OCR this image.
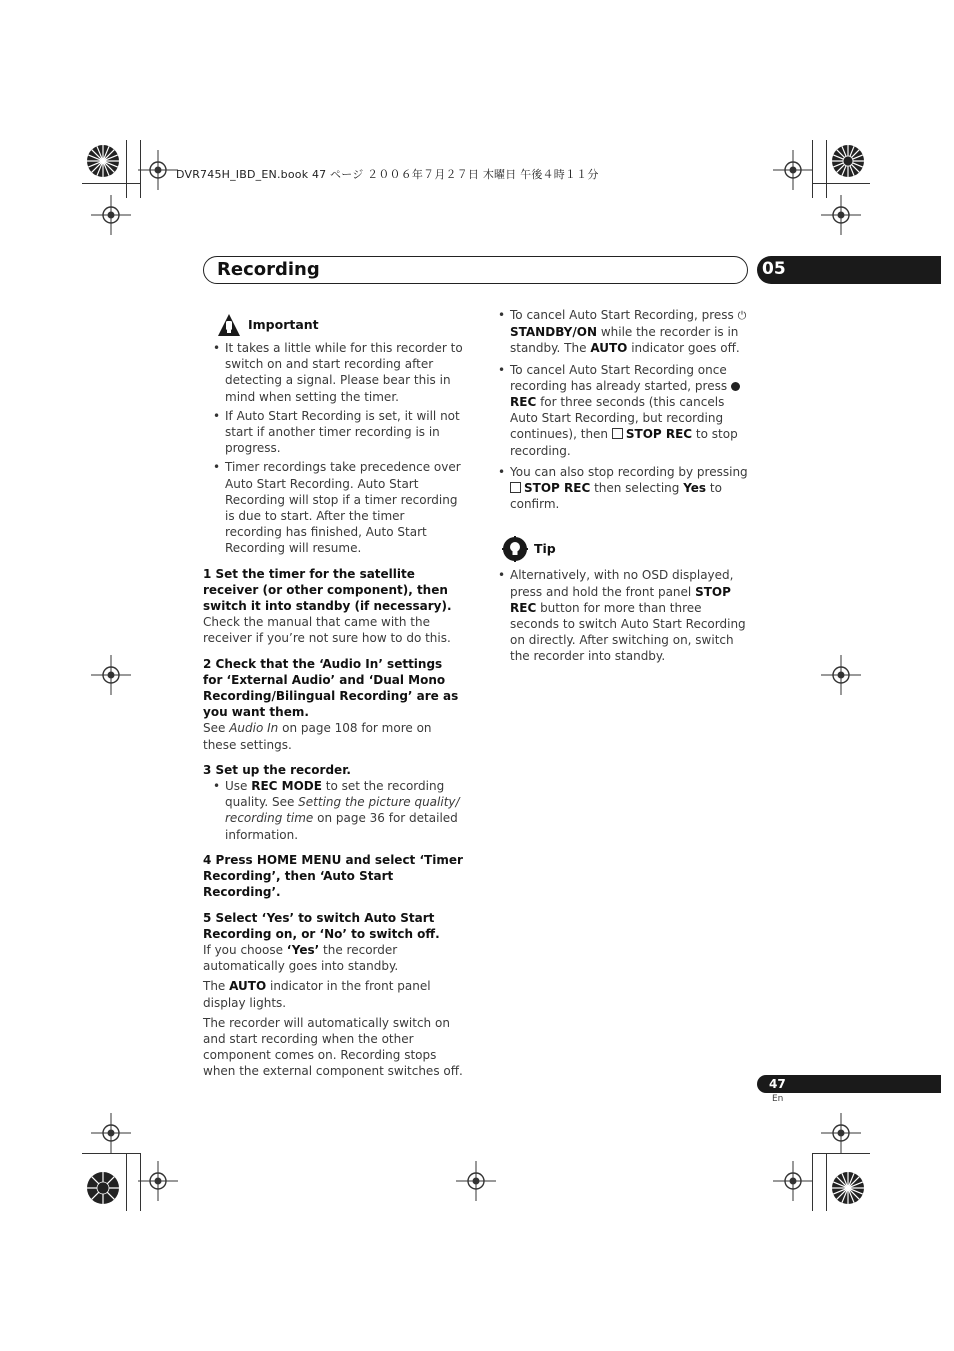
DVR745H_IBD_EN.book 47 ページ ２００６年７月２７日 木曜日 午後４時１１分
Recording	05
Important

• It takes a little while for this recorder to switch on and start recording after detecting a signal. Please bear this in mind when setting the timer.

• If Auto Start Recording is set, it will not start if another timer recording is in progress.

• Timer recordings take precedence over Auto Start Recording. Auto Start Recording will stop if a timer recording is due to start. After the timer recording has finished, Auto Start Recording will resume.

1 Set the timer for the satellite receiver (or other component), then switch it into standby (if necessary).

Check the manual that came with the receiver if you’re not sure how to do this.

2 Check that the ‘Audio In’ settings for ‘External Audio’ and ‘Dual Mono Recording/Bilingual Recording’ are as you want them.

See Audio In on page 108 for more on these settings.

3 Set up the recorder.

• Use REC MODE to set the recording quality. See Setting the picture quality/ recording time on page 36 for detailed information.

4 Press HOME MENU and select ‘Timer Recording’, then ‘Auto Start Recording’.

5 Select ‘Yes’ to switch Auto Start Recording on, or ‘No’ to switch off.

If you choose ‘Yes’ the recorder automatically goes into standby.

The AUTO indicator in the front panel display lights.

The recorder will automatically switch on and start recording when the other component comes on. Recording stops when the external component switches off.

• To cancel Auto Start Recording, press ⏻ STANDBY/ON while the recorder is in standby. The AUTO indicator goes off.

• To cancel Auto Start Recording once recording has already started, press  REC for three seconds (this cancels Auto Start Recording, but recording continues), then STOP REC to stop recording.

• You can also stop recording by pressing STOP REC then selecting Yes to confirm.

Tip

• Alternatively, with no OSD displayed, press and hold the front panel STOP REC button for more than three seconds to switch Auto Start Recording on directly. After switching on, switch the recorder into standby.

47
En
